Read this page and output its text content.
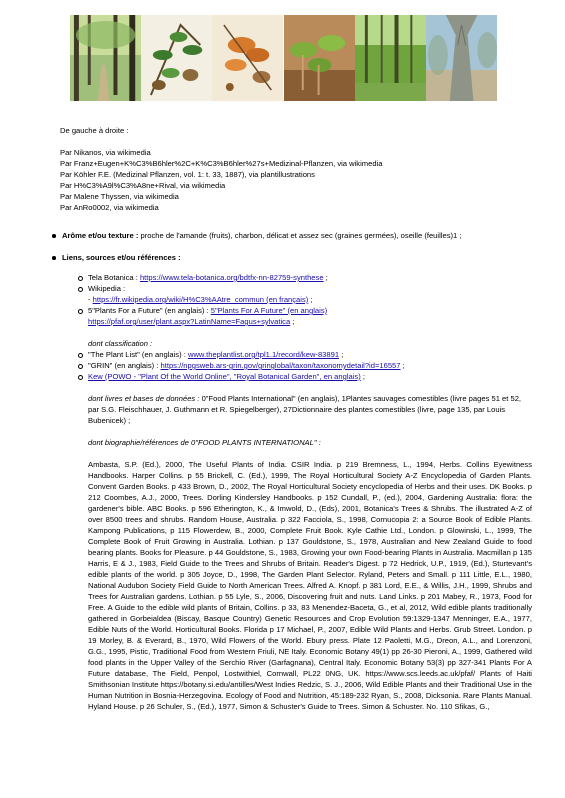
De gauche à droite :
Par Nikanos, via wikimedia
Par Franz+Eugen+K%C3%B6hler%2C+K%C3%B6hler%27s+Medizinal-Pflanzen, via wikimedia
Par Köhler F.E. (Medizinal Pflanzen, vol. 1: t. 33, 1887), via plantillustrations
Par H%C3%A9l%C3%A8ne+Rival, via wikimedia
Par Malene Thyssen, via wikimedia
Par AnRo0002, via wikimedia
Arôme et/ou texture : proche de l'amande (fruits), charbon, délicat et assez sec (graines germées), oseille (feuilles)1 ;
Liens, sources et/ou références :
Tela Botanica : https://www.tela-botanica.org/bdtfx-nn-82759-synthese ;
Wikipedia :
- https://fr.wikipedia.org/wiki/H%C3%AAtre_commun (en français) ;
5"Plants For a Future" (en anglais) : 5"Plants For A Future" (en anglais)
https://pfaf.org/user/plant.aspx?LatinName=Fagus+sylvatica ;
dont classification :
"The Plant List" (en anglais) : www.theplantlist.org/tpl1.1/record/kew-83891 ;
"GRIN" (en anglais) : https://npgsweb.ars-grin.gov/gringlobal/taxon/taxonomydetail?id=16557 ;
Kew (POWO - "Plant Of the World Online", "Royal Botanical Garden", en anglais) ;
dont livres et bases de données : 0"Food Plants International" (en anglais), 1Plantes sauvages comestibles (livre pages 51 et 52, par S.G. Fleischhauer, J. Guthmann et R. Spiegelberger), 27Dictionnaire des plantes comestibles (livre, page 135, par Louis Bubenicek) ;
dont biographie/références de 0"FOOD PLANTS INTERNATIONAL" :
Ambasta, S.P. (Ed.), 2000, The Useful Plants of India. CSIR India. p 219 Bremness, L., 1994, Herbs. Collins Eyewitness Handbooks. Harper Collins. p 55 Brickell, C. (Ed.), 1999, The Royal Horticultural Society A-Z Encyclopedia of Garden Plants. Convent Garden Books. p 433 Brown, D., 2002, The Royal Horticultural Society encyclopedia of Herbs and their uses. DK Books. p 212 Coombes, A.J., 2000, Trees. Dorling Kindersley Handbooks. p 152 Cundall, P., (ed.), 2004, Gardening Australia: flora: the gardener's bible. ABC Books. p 596 Etherington, K., & Imwold, D., (Eds), 2001, Botanica's Trees & Shrubs. The illustrated A-Z of over 8500 trees and shrubs. Random House, Australia. p 322 Facciola, S., 1998, Cornucopia 2: a Source Book of Edible Plants. Kampong Publications, p 115 Flowerdew, B., 2000, Complete Fruit Book. Kyle Cathie Ltd., London. p Glowinski, L., 1999, The Complete Book of Fruit Growing in Australia. Lothian. p 137 Gouldstone, S., 1978, Australian and New Zealand Guide to food bearing plants. Books for Pleasure. p 44 Gouldstone, S., 1983, Growing your own Food-bearing Plants in Australia. Macmillan p 135 Harris, E & J., 1983, Field Guide to the Trees and Shrubs of Britain. Reader's Digest. p 72 Hedrick, U.P., 1919, (Ed.), Sturtevant's edible plants of the world. p 305 Joyce, D., 1998, The Garden Plant Selector. Ryland, Peters and Small. p 111 Little, E.L., 1980, National Audubon Society Field Guide to North American Trees. Alfred A. Knopf. p 381 Lord, E.E., & Willis, J.H., 1999, Shrubs and Trees for Australian gardens. Lothian. p 55 Lyle, S., 2006, Discovering fruit and nuts. Land Links. p 201 Mabey, R., 1973, Food for Free. A Guide to the edible wild plants of Britain, Collins. p 33, 83 Menendez-Baceta, G., et al, 2012, Wild edible plants traditionally gathered in Gorbeialdea (Biscay, Basque Country) Genetic Resources and Crop Evolution 59:1329-1347 Menninger, E.A., 1977, Edible Nuts of the World. Horticultural Books. Florida p 17 Michael, P., 2007, Edible Wild Plants and Herbs. Grub Street. London. p 19 Morley, B. & Everard, B., 1970, Wild Flowers of the World. Ebury press. Plate 12 Paoletti, M.G., Dreon, A.L., and Lorenzoni, G.G., 1995, Pistic, Traditional Food from Western Friuli, NE Italy. Economic Botany 49(1) pp 26-30 Pieroni, A., 1999, Gathered wild food plants in the Upper Valley of the Serchio River (Garfagnana), Central Italy. Economic Botany 53(3) pp 327-341 Plants For A Future database, The Field, Penpol, Lostwithiel, Cornwall, PL22 0NG, UK. https://www.scs.leeds.ac.uk/pfaf/ Plants of Haiti Smithsonian Institute https://botany.si.edu/antilles/West Indies Redzic, S. J., 2006, Wild Edible Plants and their Traditional Use in the Human Nutrition in Bosnia-Herzegovina. Ecology of Food and Nutrition, 45:189-232 Ryan, S., 2008, Dicksonia. Rare Plants Manual. Hyland House. p 26 Schuler, S., (Ed.), 1977, Simon & Schuster's Guide to Trees. Simon & Schuster. No. 110 Sfikas, G.,
